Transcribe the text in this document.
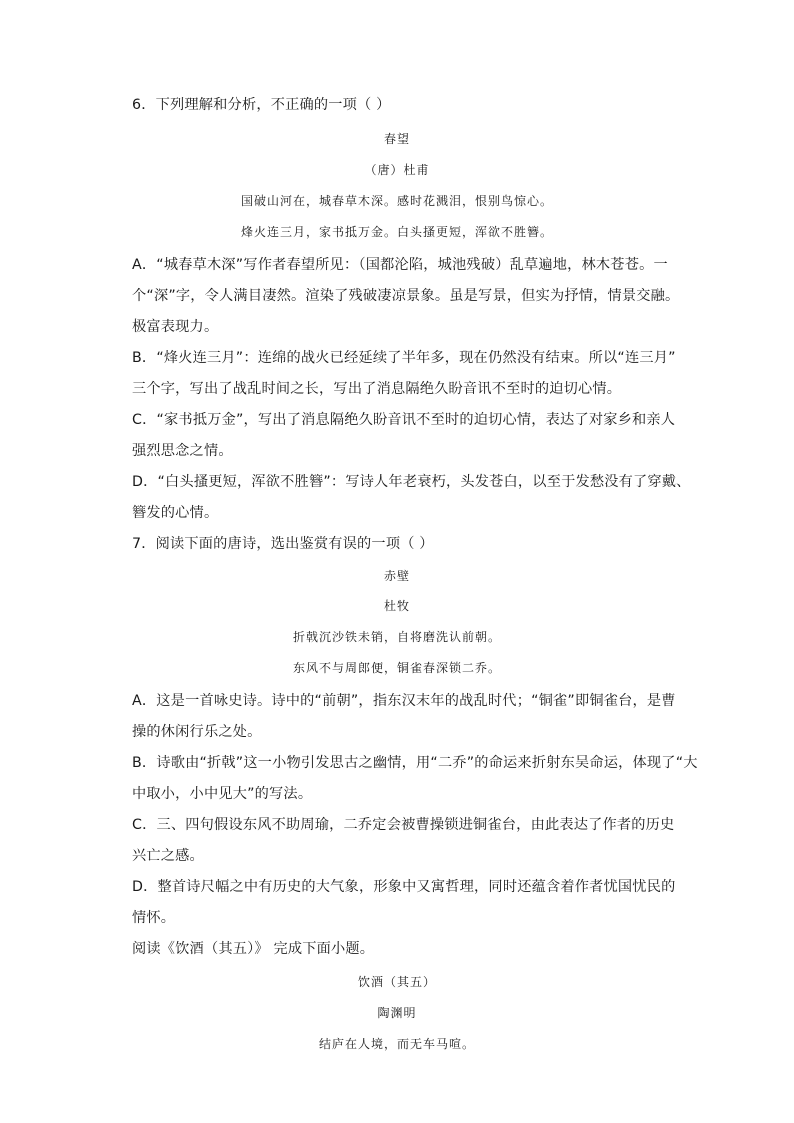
6．下列理解和分析，不正确的一项（ ）
春望
（唐）杜甫
国破山河在，城春草木深。感时花溅泪，恨别鸟惊心。
烽火连三月，家书抵万金。白头搔更短，浑欲不胜簪。
A．“城春草木深”写作者春望所见：（国都沦陷，城池残破）乱草遍地，林木苍苍。一
个“深”字，令人满目凄然。渲染了残破凄凉景象。虽是写景，但实为抒情，情景交融。
极富表现力。
B．“烽火连三月”：连绵的战火已经延续了半年多，现在仍然没有结束。所以“连三月”
三个字，写出了战乱时间之长，写出了消息隔绝久盼音讯不至时的迫切心情。
C．“家书抵万金”，写出了消息隔绝久盼音讯不至时的迫切心情，表达了对家乡和亲人
强烈思念之情。
D．“白头搔更短，浑欲不胜簪”：写诗人年老衰朽，头发苍白，以至于发愁没有了穿戴、
簪发的心情。
7．阅读下面的唐诗，选出鉴赏有误的一项（ ）
赤壁
杜牧
折戟沉沙铁未销，自将磨洗认前朝。
东风不与周郎便，铜雀春深锁二乔。
A．这是一首咏史诗。诗中的“前朝”，指东汉末年的战乱时代；“铜雀”即铜雀台，是曹
操的休闲行乐之处。
B．诗歌由“折戟”这一小物引发思古之幽情，用“二乔”的命运来折射东吴命运，体现了“大
中取小，小中见大”的写法。
C．三、四句假设东风不助周瑜，二乔定会被曹操锁进铜雀台，由此表达了作者的历史
兴亡之感。
D．整首诗尺幅之中有历史的大气象，形象中又寓哲理，同时还蕴含着作者忧国忧民的
情怀。
阅读《饮酒（其五）》 完成下面小题。
饮酒（其五）
陶渊明
结庐在人境，而无车马喧。
